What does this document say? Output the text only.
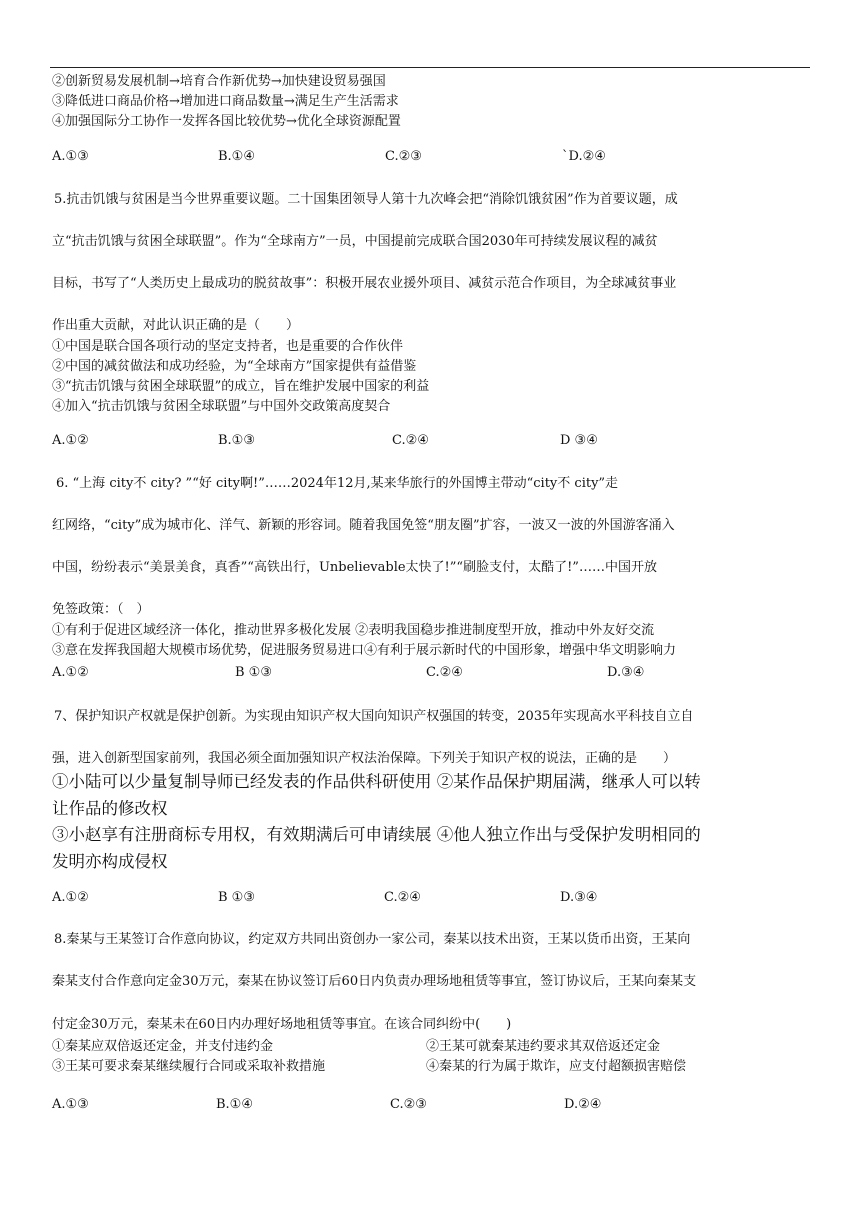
②创新贸易发展机制→培育合作新优势→加快建设贸易强国
③降低进口商品价格→增加进口商品数量→满足生产生活需求
④加强国际分工协作一发挥各国比较优势→优化全球资源配置
A.①③	B.①④	C.②③	`D.②④
5.抗击饥饿与贫困是当今世界重要议题。二十国集团领导人第十九次峰会把“消除饥饿贫困”作为首要议题，成
立“抗击饥饿与贫困全球联盟”。作为“全球南方”一员，中国提前完成联合国2030年可持续发展议程的减贫
目标，书写了“人类历史上最成功的脱贫故事”：积极开展农业援外项目、减贫示范合作项目，为全球减贫事业
作出重大贡献，对此认识正确的是（　　）
①中国是联合国各项行动的坚定支持者，也是重要的合作伙伴
②中国的减贫做法和成功经验，为“全球南方”国家提供有益借鉴
③“抗击饥饿与贫困全球联盟”的成立，旨在维护发展中国家的利益
④加入“抗击饥饿与贫困全球联盟”与中国外交政策高度契合
A.①②	B.①③	C.②④	D ③④
6. “上海 city不 city? ”“好 city啊!”……2024年12月,某来华旅行的外国博主带动“city不 city”走
红网络，“city”成为城市化、洋气、新颖的形容词。随着我国免签“朋友圈”扩容，一波又一波的外国游客涌入
中国，纷纷表示“美景美食，真香”“高铁出行，Unbelievable太快了!”“刷脸支付，太酷了!”……中国开放
免签政策：（　）
①有利于促进区域经济一体化，推动世界多极化发展 ②表明我国稳步推进制度型开放，推动中外友好交流
③意在发挥我国超大规模市场优势，促进服务贸易进口④有利于展示新时代的中国形象，增强中华文明影响力
A.①②	B ①③	C.②④	D.③④
7、保护知识产权就是保护创新。为实现由知识产权大国向知识产权强国的转变，2035年实现高水平科技自立自
强，进入创新型国家前列，我国必须全面加强知识产权法治保障。下列关于知识产权的说法，正确的是　　）
①小陆可以少量复制导师已经发表的作品供科研使用 ②某作品保护期届满，继承人可以转
让作品的修改权
③小赵享有注册商标专用权，有效期满后可申请续展 ④他人独立作出与受保护发明相同的
发明亦构成侵权
A.①②	B ①③	C.②④	D.③④
8.秦某与王某签订合作意向协议，约定双方共同出资创办一家公司，秦某以技术出资，王某以货币出资，王某向
秦某支付合作意向定金30万元，秦某在协议签订后60日内负责办理场地租赁等事宜，签订协议后，王某向秦某支
付定金30万元，秦某未在60日内办理好场地租赁等事宜。在该合同纠纷中(　　)
①秦某应双倍返还定金，并支付违约金	②王某可就秦某违约要求其双倍返还定金
③王某可要求秦某继续履行合同或采取补救措施	④秦某的行为属于欺诈，应支付超额损害赔偿
A.①③	B.①④	C.②③	D.②④
